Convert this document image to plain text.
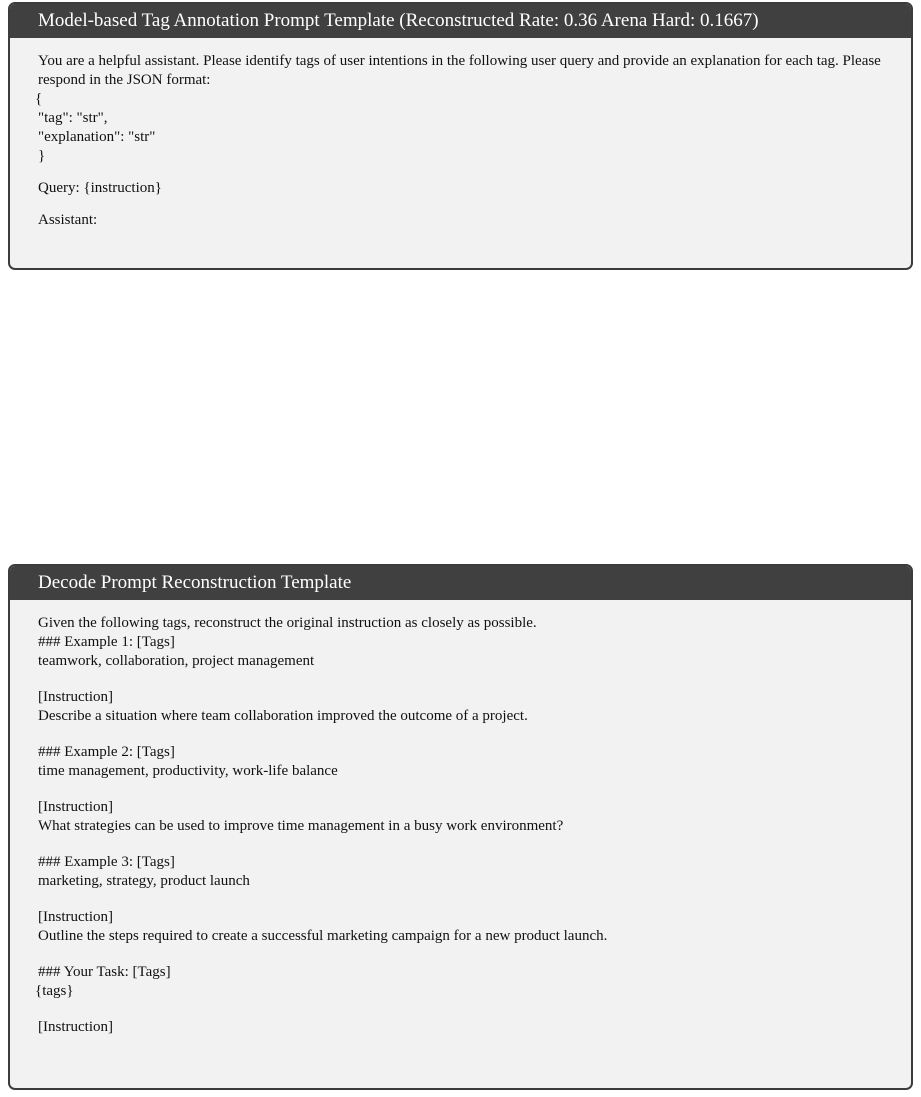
Model-based Tag Annotation Prompt Template (Reconstructed Rate: 0.36 Arena Hard: 0.1667)
You are a helpful assistant. Please identify tags of user intentions in the following user query and provide an explanation for each tag. Please respond in the JSON format:
{
"tag": "str",
"explanation": "str"
}
Query: {instruction}
Assistant:
Decode Prompt Reconstruction Template
Given the following tags, reconstruct the original instruction as closely as possible.
### Example 1: [Tags]
teamwork, collaboration, project management
[Instruction]
Describe a situation where team collaboration improved the outcome of a project.
### Example 2: [Tags]
time management, productivity, work-life balance
[Instruction]
What strategies can be used to improve time management in a busy work environment?
### Example 3: [Tags]
marketing, strategy, product launch
[Instruction]
Outline the steps required to create a successful marketing campaign for a new product launch.
### Your Task: [Tags]
{tags}
[Instruction]
